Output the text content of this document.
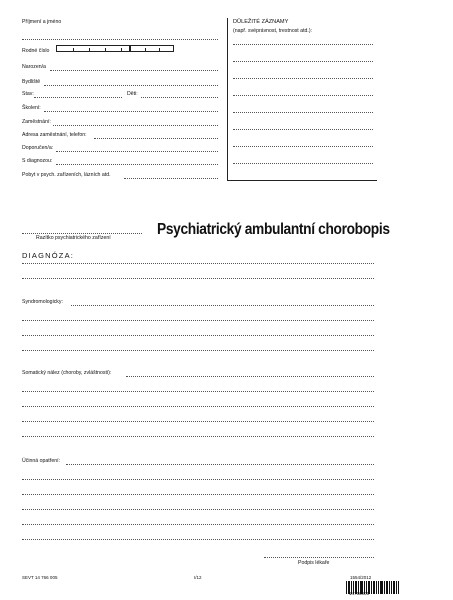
Příjmení a jméno
Rodné číslo
Narozen/a
Bydliště
Stav:	Děti:
Školení:
Zaměstnání:
Adresa zaměstnání, telefon:
Doporučen/a:
S diagnozou:
Pobyt v psych. zařízeních, lázních atd.
DŮLEŽITÉ ZÁZNAMY
(např. svéprávnost, trestnost atd.):
Razítko psychiatrického zařízení	Psychiatrický ambulantní chorobopis
DIAGNÓZA:
Syndromologicky:
Somatický nález (choroby, zvláštnosti):
Účinná opatření:
Podpis lékaře
SEVT 14 766 005	I/12	1554/2012
14766005
